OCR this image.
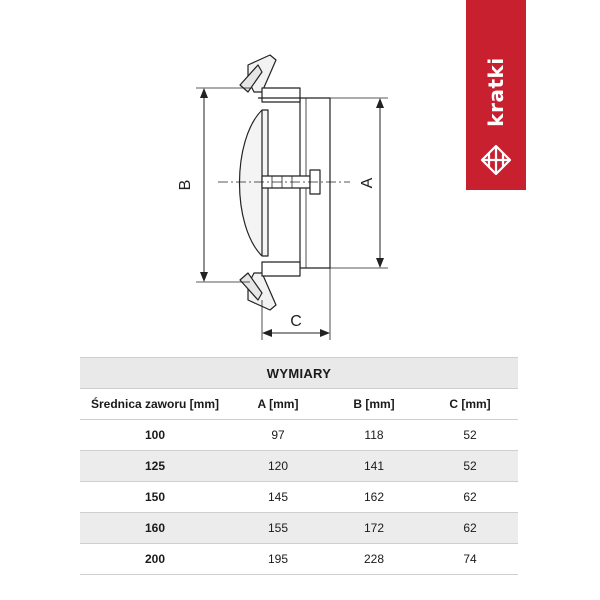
B	A
C
kratki
WYMIARY			
Średnica zaworu [mm]	A [mm]	B [mm]	C [mm]
100	97	118	52
125	120	141	52
150	145	162	62
160	155	172	62
200	195	228	74
